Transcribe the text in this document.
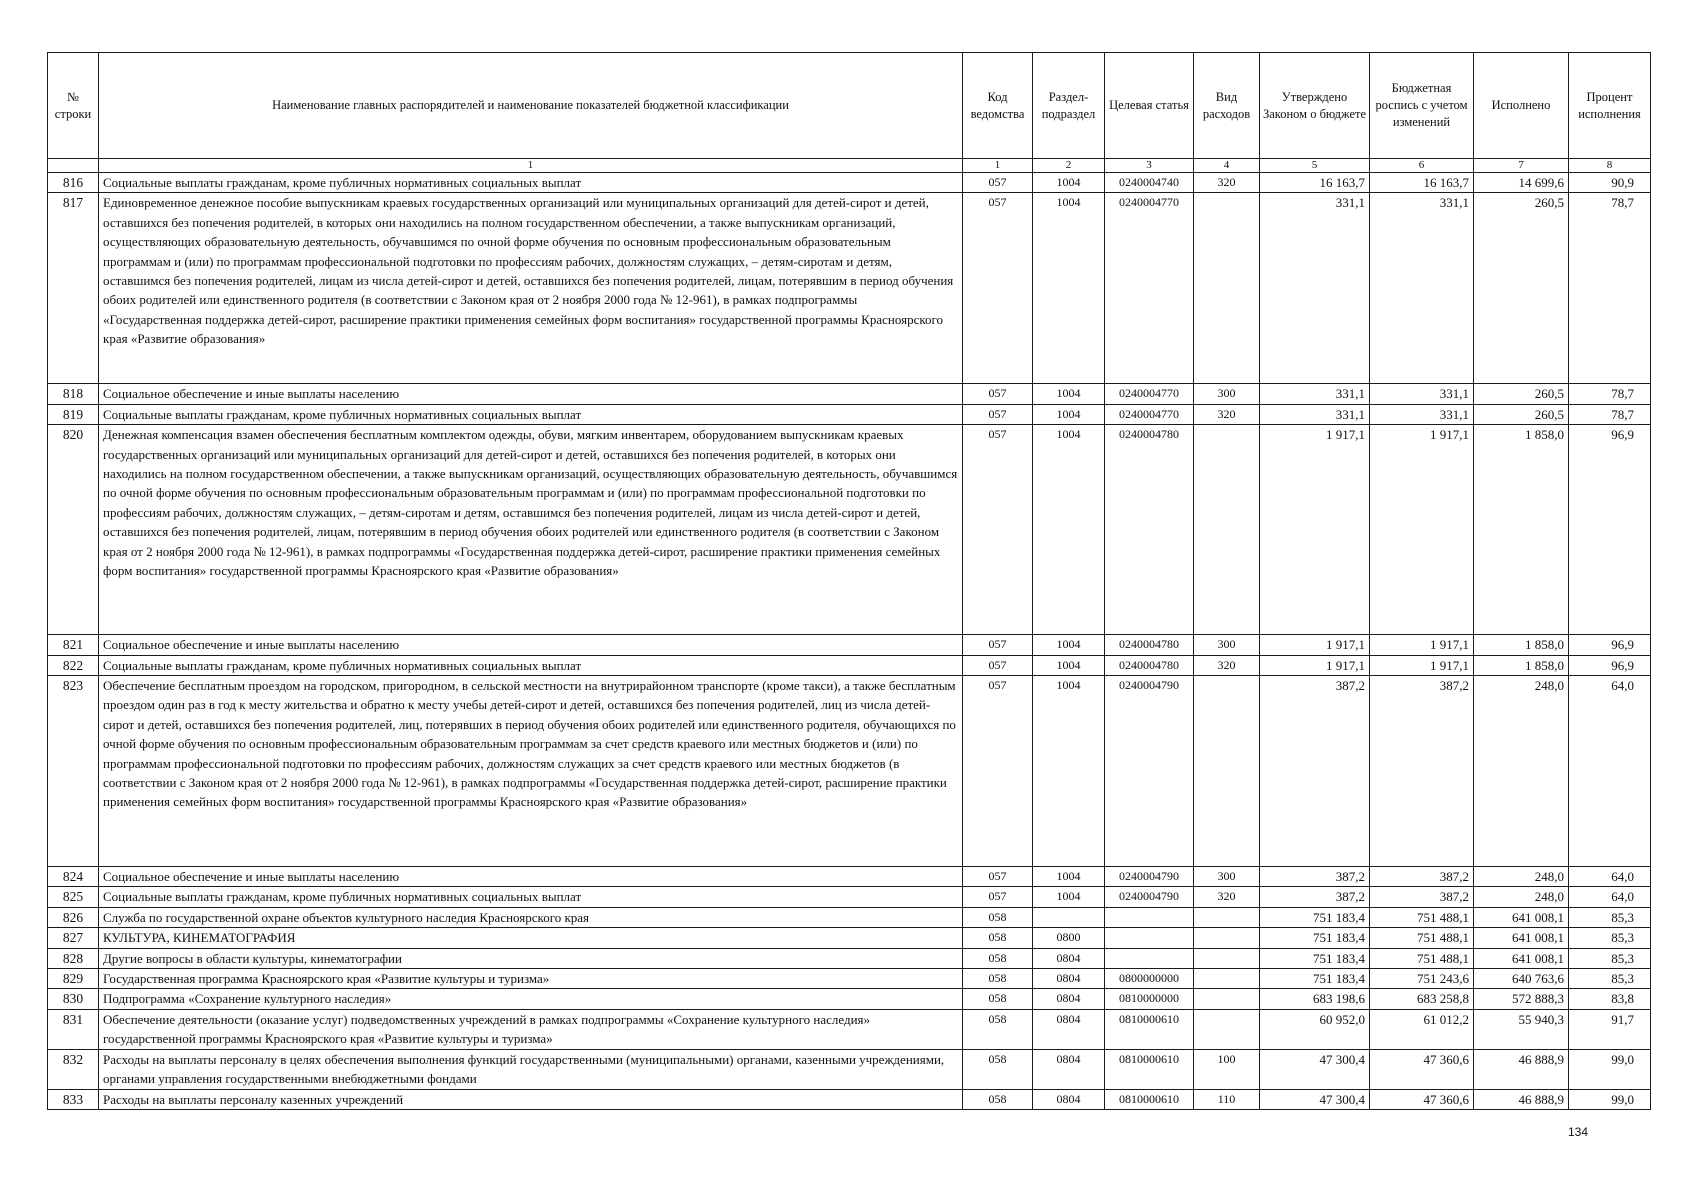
№ строки	Наименование главных распорядителей и наименование показателей бюджетной классификации	Код ведомства	Раздел-подраздел	Целевая статья	Вид расходов	Утверждено Законом о бюджете	Бюджетная роспись с учетом изменений	Исполнено	Процент исполнения
	1	1	2	3	4	5	6	7	8
816	Социальные выплаты гражданам, кроме публичных нормативных социальных выплат	057	1004	0240004740	320	16 163,7	16 163,7	14 699,6	90,9
817	Единовременное денежное пособие выпускникам краевых государственных организаций или муниципальных организаций для детей-сирот и детей, оставшихся без попечения родителей, в которых они находились на полном государственном обеспечении, а также выпускникам организаций, осуществляющих образовательную деятельность, обучавшимся по очной форме обучения по основным профессиональным образовательным программам и (или) по программам профессиональной подготовки по профессиям рабочих, должностям служащих, – детям-сиротам и детям, оставшимся без попечения родителей, лицам из числа детей-сирот и детей, оставшихся без попечения родителей, лицам, потерявшим в период обучения обоих родителей или единственного родителя (в соответствии с Законом края от 2 ноября 2000 года № 12-961), в рамках подпрограммы «Государственная поддержка детей-сирот, расширение практики применения семейных форм воспитания» государственной программы Красноярского края «Развитие образования»	057	1004	0240004770		331,1	331,1	260,5	78,7
818	Социальное обеспечение и иные выплаты населению	057	1004	0240004770	300	331,1	331,1	260,5	78,7
819	Социальные выплаты гражданам, кроме публичных нормативных социальных выплат	057	1004	0240004770	320	331,1	331,1	260,5	78,7
820	Денежная компенсация взамен обеспечения бесплатным комплектом одежды, обуви, мягким инвентарем, оборудованием выпускникам краевых государственных организаций или муниципальных организаций для детей-сирот и детей, оставшихся без попечения родителей, в которых они находились на полном государственном обеспечении, а также выпускникам организаций, осуществляющих образовательную деятельность, обучавшимся по очной форме обучения по основным профессиональным образовательным программам и (или) по программам профессиональной подготовки по профессиям рабочих, должностям служащих, – детям-сиротам и детям, оставшимся без попечения родителей, лицам из числа детей-сирот и детей, оставшихся без попечения родителей, лицам, потерявшим в период обучения обоих родителей или единственного родителя (в соответствии с Законом края от 2 ноября 2000 года № 12-961), в рамках подпрограммы «Государственная поддержка детей-сирот, расширение практики применения семейных форм воспитания» государственной программы Красноярского края «Развитие образования»	057	1004	0240004780		1 917,1	1 917,1	1 858,0	96,9
821	Социальное обеспечение и иные выплаты населению	057	1004	0240004780	300	1 917,1	1 917,1	1 858,0	96,9
822	Социальные выплаты гражданам, кроме публичных нормативных социальных выплат	057	1004	0240004780	320	1 917,1	1 917,1	1 858,0	96,9
823	Обеспечение бесплатным проездом на городском, пригородном, в сельской местности на внутрирайонном транспорте (кроме такси), а также бесплатным проездом один раз в год к месту жительства и обратно к месту учебы детей-сирот и детей, оставшихся без попечения родителей, лиц из числа детей-сирот и детей, оставшихся без попечения родителей, лиц, потерявших в период обучения обоих родителей или единственного родителя, обучающихся по очной форме обучения по основным профессиональным образовательным программам за счет средств краевого или местных бюджетов и (или) по программам профессиональной подготовки по профессиям рабочих, должностям служащих за счет средств краевого или местных бюджетов (в соответствии с Законом края от 2 ноября 2000 года № 12-961), в рамках подпрограммы «Государственная поддержка детей-сирот, расширение практики применения семейных форм воспитания» государственной программы Красноярского края «Развитие образования»	057	1004	0240004790		387,2	387,2	248,0	64,0
824	Социальное обеспечение и иные выплаты населению	057	1004	0240004790	300	387,2	387,2	248,0	64,0
825	Социальные выплаты гражданам, кроме публичных нормативных социальных выплат	057	1004	0240004790	320	387,2	387,2	248,0	64,0
826	Служба по государственной охране объектов культурного наследия Красноярского края	058				751 183,4	751 488,1	641 008,1	85,3
827	КУЛЬТУРА, КИНЕМАТОГРАФИЯ	058	0800			751 183,4	751 488,1	641 008,1	85,3
828	Другие вопросы в области культуры, кинематографии	058	0804			751 183,4	751 488,1	641 008,1	85,3
829	Государственная программа Красноярского края «Развитие культуры и туризма»	058	0804	0800000000		751 183,4	751 243,6	640 763,6	85,3
830	Подпрограмма «Сохранение культурного наследия»	058	0804	0810000000		683 198,6	683 258,8	572 888,3	83,8
831	Обеспечение деятельности (оказание услуг) подведомственных учреждений в рамках подпрограммы «Сохранение культурного наследия» государственной программы Красноярского края «Развитие культуры и туризма»	058	0804	0810000610		60 952,0	61 012,2	55 940,3	91,7
832	Расходы на выплаты персоналу в целях обеспечения выполнения функций государственными (муниципальными) органами, казенными учреждениями, органами управления государственными внебюджетными фондами	058	0804	0810000610	100	47 300,4	47 360,6	46 888,9	99,0
833	Расходы на выплаты персоналу казенных учреждений	058	0804	0810000610	110	47 300,4	47 360,6	46 888,9	99,0
134
